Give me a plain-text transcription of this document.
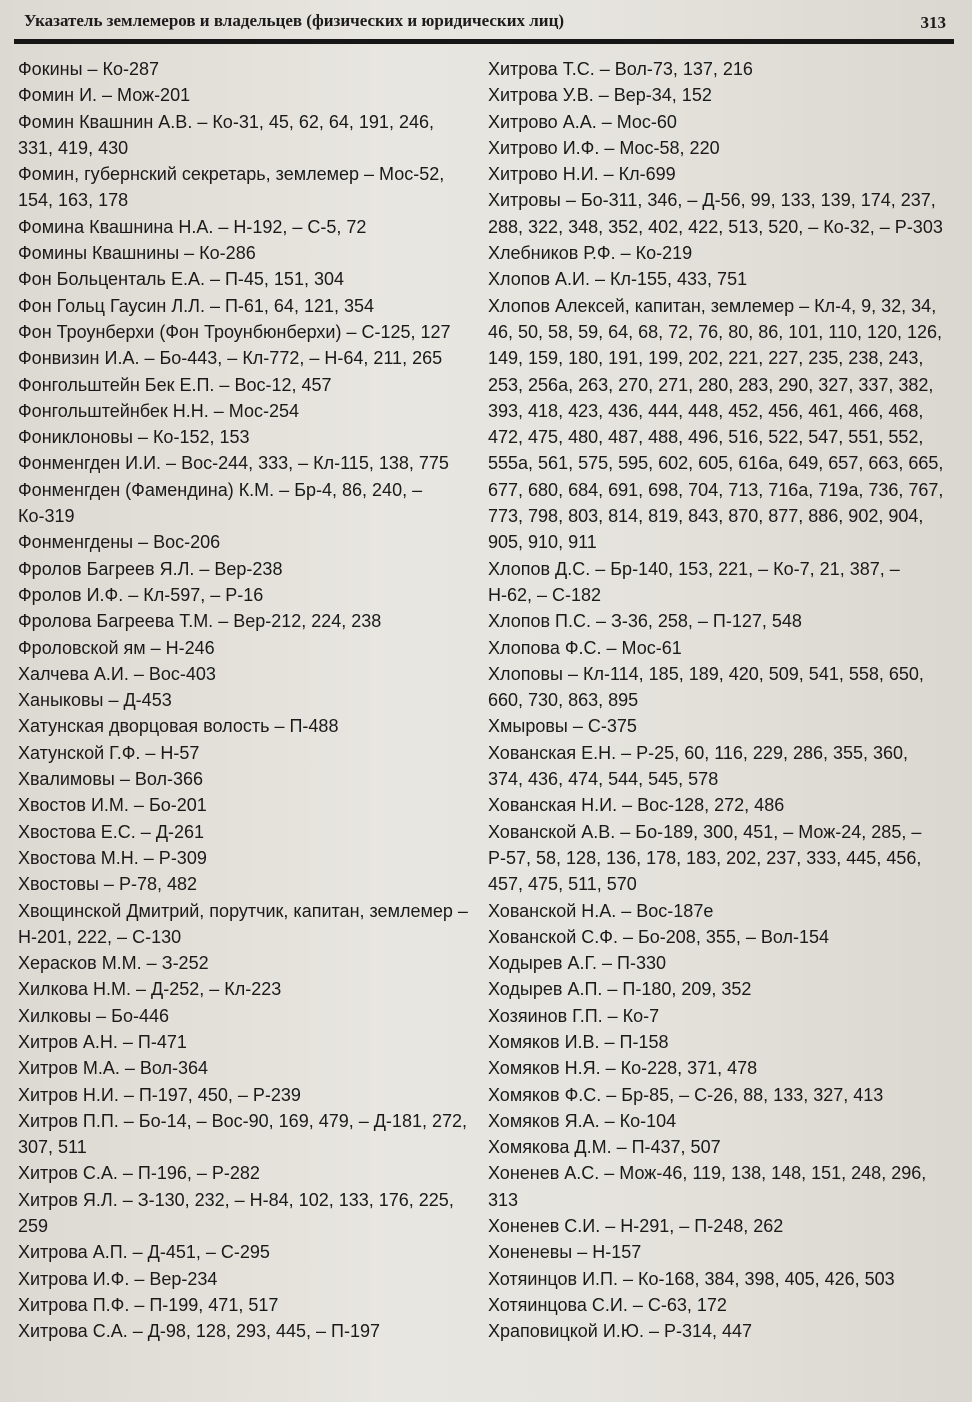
Указатель землемеров и владельцев (физических и юридических лиц)	313

Фокины – Ко-287

Фомин И. – Мож-201

Фомин Квашнин А.В. – Ко-31, 45, 62, 64, 191, 246, 331, 419, 430

Фомин, губернский секретарь, землемер – Мос-52, 154, 163, 178

Фомина Квашнина Н.А. – Н-192, – С-5, 72

Фомины Квашнины – Ко-286

Фон Больценталь Е.А. – П-45, 151, 304

Фон Гольц Гаусин Л.Л. – П-61, 64, 121, 354

Фон Троунберхи (Фон Троунбюнберхи) – С-125, 127

Фонвизин И.А. – Бо-443, – Кл-772, – Н-64, 211, 265

Фонгольштейн Бек Е.П. – Вос-12, 457

Фонгольштейнбек Н.Н. – Мос-254

Фониклоновы – Ко-152, 153

Фонменгден И.И. – Вос-244, 333, – Кл-115, 138, 775

Фонменгден (Фамендина) К.М. – Бр-4, 86, 240, – Ко-319

Фонменгдены – Вос-206

Фролов Багреев Я.Л. – Вер-238

Фролов И.Ф. – Кл-597, – Р-16

Фролова Багреева Т.М. – Вер-212, 224, 238

Фроловской ям – Н-246

Халчева А.И. – Вос-403

Ханыковы – Д-453

Хатунская дворцовая волость – П-488

Хатунской Г.Ф. – Н-57

Хвалимовы – Вол-366

Хвостов И.М. – Бо-201

Хвостова Е.С. – Д-261

Хвостова М.Н. – Р-309

Хвостовы – Р-78, 482

Хвощинской Дмитрий, порутчик, капитан, землемер – Н-201, 222, – С-130

Херасков М.М. – З-252

Хилкова Н.М. – Д-252, – Кл-223

Хилковы – Бо-446

Хитров А.Н. – П-471

Хитров М.А. – Вол-364

Хитров Н.И. – П-197, 450, – Р-239

Хитров П.П. – Бо-14, – Вос-90, 169, 479, – Д-181, 272, 307, 511

Хитров С.А. – П-196, – Р-282

Хитров Я.Л. – З-130, 232, – Н-84, 102, 133, 176, 225, 259

Хитрова А.П. – Д-451, – С-295

Хитрова И.Ф. – Вер-234

Хитрова П.Ф. – П-199, 471, 517

Хитрова С.А. – Д-98, 128, 293, 445, – П-197

Хитрова Т.С. – Вол-73, 137, 216

Хитрова У.В. – Вер-34, 152

Хитрово А.А. – Мос-60

Хитрово И.Ф. – Мос-58, 220

Хитрово Н.И. – Кл-699

Хитровы – Бо-311, 346, – Д-56, 99, 133, 139, 174, 237, 288, 322, 348, 352, 402, 422, 513, 520, – Ко-32, – Р-303

Хлебников Р.Ф. – Ко-219

Хлопов А.И. – Кл-155, 433, 751

Хлопов Алексей, капитан, землемер – Кл-4, 9, 32, 34, 46, 50, 58, 59, 64, 68, 72, 76, 80, 86, 101, 110, 120, 126, 149, 159, 180, 191, 199, 202, 221, 227, 235, 238, 243, 253, 256а, 263, 270, 271, 280, 283, 290, 327, 337, 382, 393, 418, 423, 436, 444, 448, 452, 456, 461, 466, 468, 472, 475, 480, 487, 488, 496, 516, 522, 547, 551, 552, 555а, 561, 575, 595, 602, 605, 616а, 649, 657, 663, 665, 677, 680, 684, 691, 698, 704, 713, 716а, 719а, 736, 767, 773, 798, 803, 814, 819, 843, 870, 877, 886, 902, 904, 905, 910, 911

Хлопов Д.С. – Бр-140, 153, 221, – Ко-7, 21, 387, – Н-62, – С-182

Хлопов П.С. – З-36, 258, – П-127, 548

Хлопова Ф.С. – Мос-61

Хлоповы – Кл-114, 185, 189, 420, 509, 541, 558, 650, 660, 730, 863, 895

Хмыровы – С-375

Хованская Е.Н. – Р-25, 60, 116, 229, 286, 355, 360, 374, 436, 474, 544, 545, 578

Хованская Н.И. – Вос-128, 272, 486

Хованской А.В. – Бо-189, 300, 451, – Мож-24, 285, – Р-57, 58, 128, 136, 178, 183, 202, 237, 333, 445, 456, 457, 475, 511, 570

Хованской Н.А. – Вос-187е

Хованской С.Ф. – Бо-208, 355, – Вол-154

Ходырев А.Г. – П-330

Ходырев А.П. – П-180, 209, 352

Хозяинов Г.П. – Ко-7

Хомяков И.В. – П-158

Хомяков Н.Я. – Ко-228, 371, 478

Хомяков Ф.С. – Бр-85, – С-26, 88, 133, 327, 413

Хомяков Я.А. – Ко-104

Хомякова Д.М. – П-437, 507

Хоненев А.С. – Мож-46, 119, 138, 148, 151, 248, 296, 313

Хоненев С.И. – Н-291, – П-248, 262

Хоненевы – Н-157

Хотяинцов И.П. – Ко-168, 384, 398, 405, 426, 503

Хотяинцова С.И. – С-63, 172

Храповицкой И.Ю. – Р-314, 447
